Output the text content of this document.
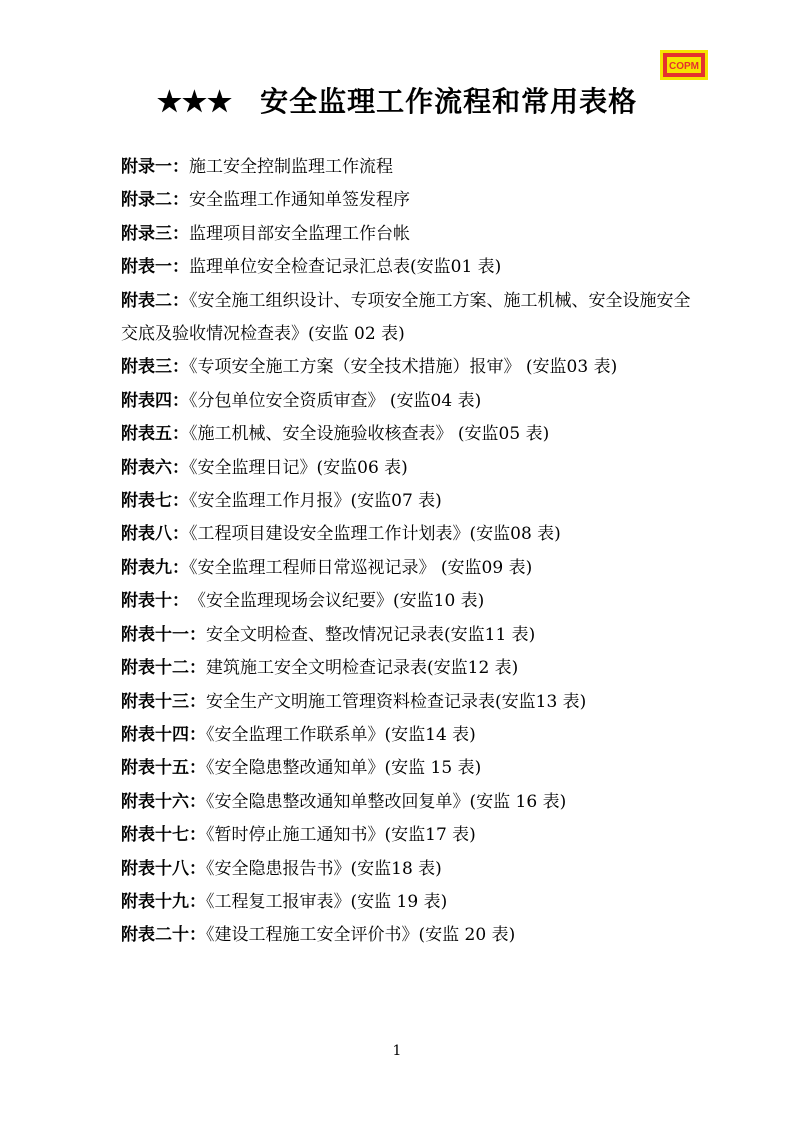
COPM
★★★ 安全监理工作流程和常用表格
附录一：施工安全控制监理工作流程
附录二：安全监理工作通知单签发程序
附录三：监理项目部安全监理工作台帐
附表一：监理单位安全检查记录汇总表(安监01 表)
附表二：《安全施工组织设计、专项安全施工方案、施工机械、安全设施安全交底及验收情况检查表》(安监 02 表)
附表三：《专项安全施工方案（安全技术措施）报审》 (安监03 表)
附表四：《分包单位安全资质审查》 (安监04 表)
附表五：《施工机械、安全设施验收核查表》 (安监05 表)
附表六：《安全监理日记》(安监06 表)
附表七：《安全监理工作月报》(安监07 表)
附表八：《工程项目建设安全监理工作计划表》(安监08 表)
附表九：《安全监理工程师日常巡视记录》 (安监09 表)
附表十：　《安全监理现场会议纪要》(安监10 表)
附表十一：安全文明检查、整改情况记录表(安监11 表)
附表十二：建筑施工安全文明检查记录表(安监12 表)
附表十三：安全生产文明施工管理资料检查记录表(安监13 表)
附表十四：《安全监理工作联系单》(安监14 表)
附表十五：《安全隐患整改通知单》(安监 15 表)
附表十六：《安全隐患整改通知单整改回复单》(安监 16 表)
附表十七：《暂时停止施工通知书》(安监17 表)
附表十八：《安全隐患报告书》(安监18 表)
附表十九：《工程复工报审表》(安监 19 表)
附表二十：《建设工程施工安全评价书》(安监 20 表)
1
